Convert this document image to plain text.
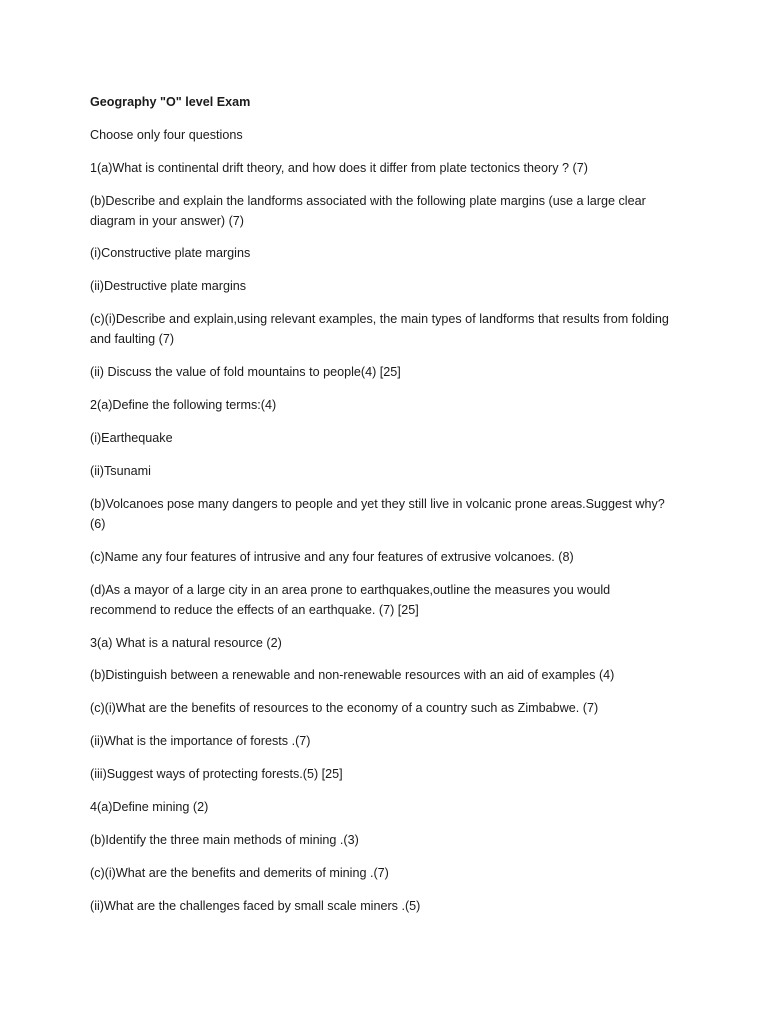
Geography "O" level Exam
Choose only four questions
1(a)What is continental drift theory, and how does it differ from plate tectonics theory ? (7)
(b)Describe and explain the landforms associated with the following plate margins (use a large clear diagram in your answer) (7)
(i)Constructive plate margins
(ii)Destructive plate margins
(c)(i)Describe and explain,using relevant examples, the main types of landforms that results from folding and faulting (7)
(ii) Discuss the value of fold mountains to people(4) [25]
2(a)Define the following terms:(4)
(i)Earthequake
(ii)Tsunami
(b)Volcanoes pose many dangers to people and yet they still live in volcanic prone areas.Suggest why? (6)
(c)Name any four features of intrusive and any four features of extrusive volcanoes. (8)
(d)As a mayor of a large city in an area prone to earthquakes,outline the measures you would recommend to reduce the effects of an earthquake. (7) [25]
3(a) What is a natural resource (2)
(b)Distinguish between a renewable and non-renewable resources with an aid of examples (4)
(c)(i)What are the benefits of resources to the economy of a country such as Zimbabwe. (7)
(ii)What is the importance of forests .(7)
(iii)Suggest ways of protecting forests.(5) [25]
4(a)Define mining (2)
(b)Identify the three main methods of mining .(3)
(c)(i)What are the benefits and demerits of mining .(7)
(ii)What are the challenges faced by small scale miners .(5)
